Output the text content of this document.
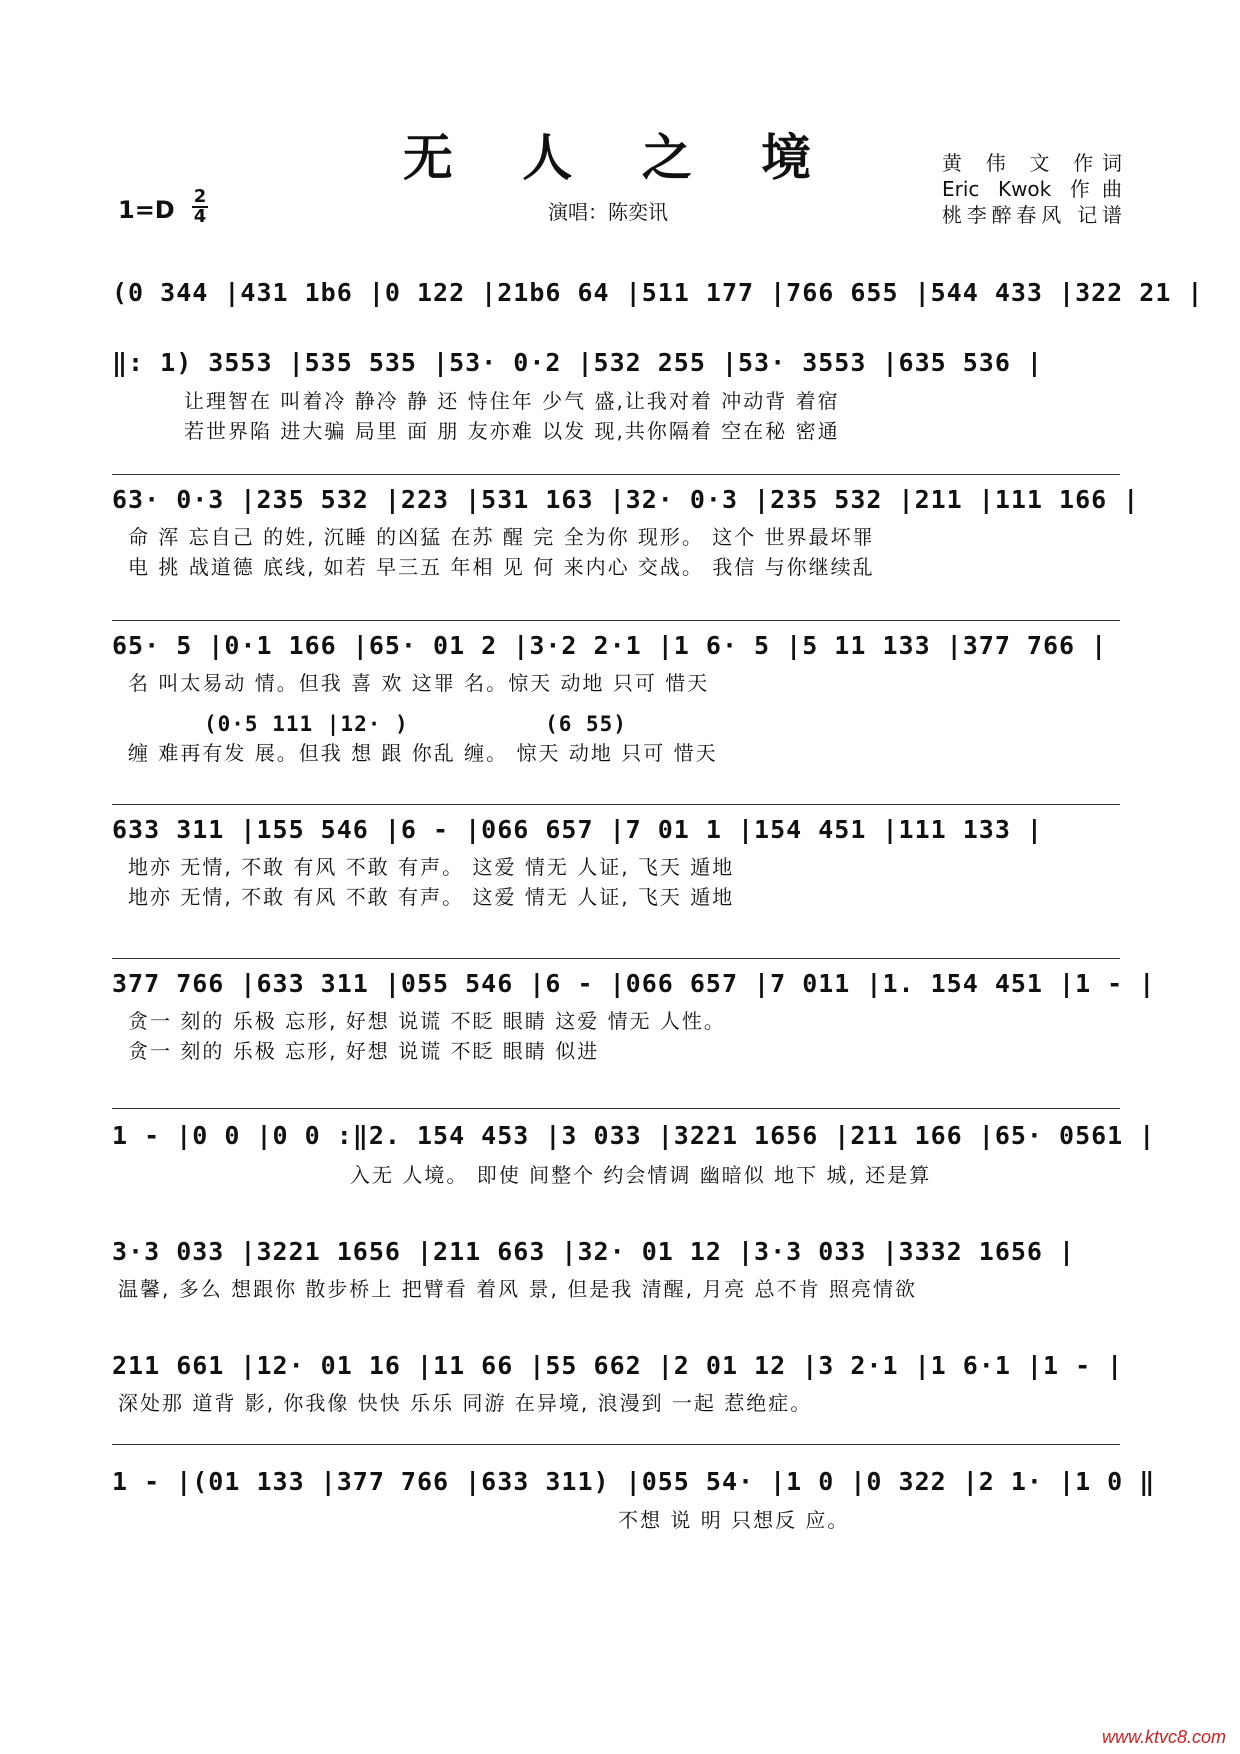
无 人 之 境	黄 伟 文 作词
Eric Kwok 作曲
桃李醉春风 记谱
1=D 2
4	演唱：陈奕讯
(0 344 |431 1b6 |0 122 |21b6 64 |511 177 |766 655 |544 433 |322 21 |
‖: 1) 3553 |535 535 |53· 0·2 |532 255 |53· 3553 |635 536 |
让理智在 叫着冷 静冷 静 还 恃住年 少气 盛,让我对着 冲动背 着宿
若世界陷 进大骗 局里 面 朋 友亦难 以发 现,共你隔着 空在秘 密通
63· 0·3 |235 532 |223 |531 163 |32· 0·3 |235 532 |211 |111 166 |
命 浑 忘自己 的姓, 沉睡 的凶猛 在苏 醒 完 全为你 现形。 这个 世界最坏罪
电 挑 战道德 底线, 如若 早三五 年相 见 何 来内心 交战。 我信 与你继续乱
65· 5 |0·1 166 |65· 01 2 |3·2 2·1 |1 6· 5 |5 11 133 |377 766 |
名 叫太易动 情。但我 喜 欢 这罪 名。惊天 动地 只可 惜天
(0·5 111 |12· )          (6 55)
缠 难再有发 展。但我 想 跟 你乱 缠。 惊天 动地 只可 惜天
633 311 |155 546 |6 - |066 657 |7 01 1 |154 451 |111 133 |
地亦 无情, 不敢 有风 不敢 有声。 这爱 情无 人证, 飞天 遁地
地亦 无情, 不敢 有风 不敢 有声。 这爱 情无 人证, 飞天 遁地
377 766 |633 311 |055 546 |6 - |066 657 |7 011 |1. 154 451 |1 - |
贪一 刻的 乐极 忘形, 好想 说谎 不眨 眼睛 这爱 情无 人性。
贪一 刻的 乐极 忘形, 好想 说谎 不眨 眼睛 似进
1 - |0 0 |0 0 :‖2. 154 453 |3 033 |3221 1656 |211 166 |65· 0561 |
入无 人境。 即使 间整个 约会情调 幽暗似 地下 城, 还是算
3·3 033 |3221 1656 |211 663 |32· 01 12 |3·3 033 |3332 1656 |
温馨, 多么 想跟你 散步桥上 把臂看 着风 景, 但是我 清醒, 月亮 总不肯 照亮情欲
211 661 |12· 01 16 |11 66 |55 662 |2 01 12 |3 2·1 |1 6·1 |1 - |
深处那 道背 影, 你我像 快快 乐乐 同游 在异境, 浪漫到 一起 惹绝症。
1 - |(01 133 |377 766 |633 311) |055 54· |1 0 |0 322 |2 1· |1 0 ‖
不想 说 明 只想反 应。
www.ktvc8.com
